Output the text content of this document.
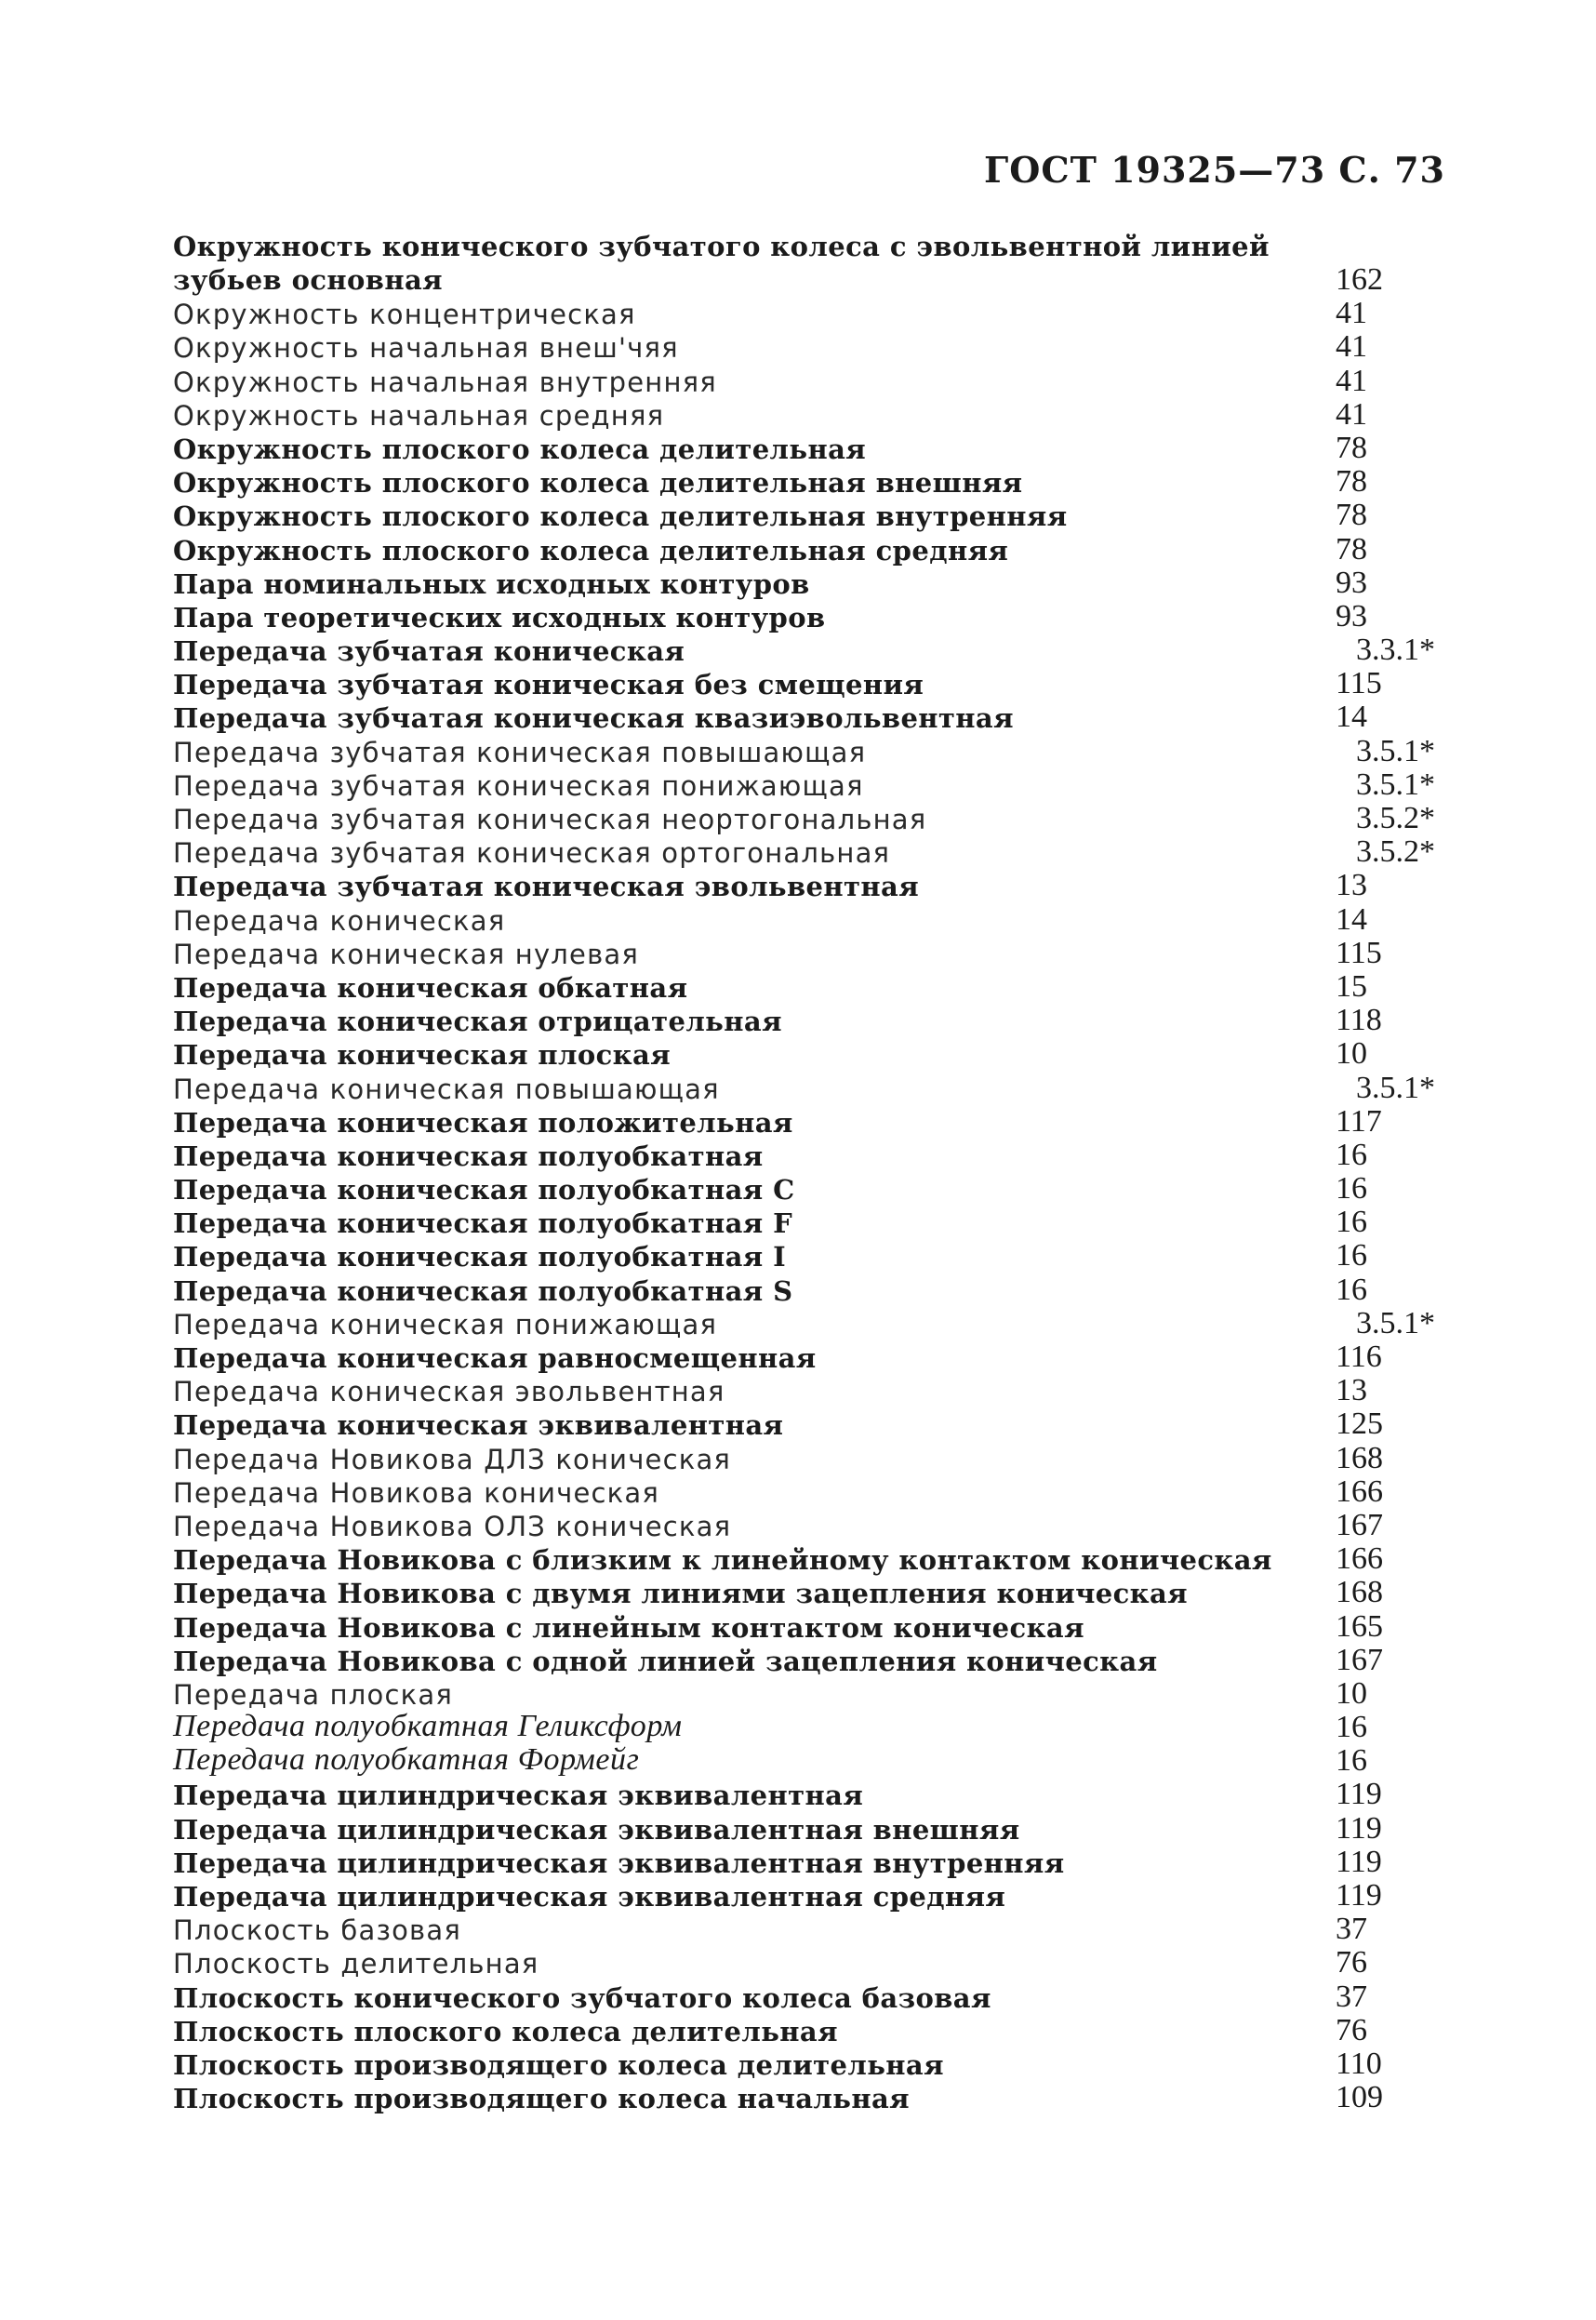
ГОСТ 19325—73 С. 73
Окружность конического зубчатого колеса с эвольвентной линией зубьев основная	162
Окружность концентрическая	41
Окружность начальная внеш'чяя	41
Окружность начальная внутренняя	41
Окружность начальная средняя	41
Окружность плоского колеса делительная	78
Окружность плоского колеса делительная внешняя	78
Окружность плоского колеса делительная внутренняя	78
Окружность плоского колеса делительная средняя	78
Пара номинальных исходных контуров	93
Пара теоретических исходных контуров	93
Передача зубчатая коническая	3.3.1*
Передача зубчатая коническая без смещения	115
Передача зубчатая коническая квазиэвольвентная	14
Передача зубчатая коническая повышающая	3.5.1*
Передача зубчатая коническая понижающая	3.5.1*
Передача зубчатая коническая неортогональная	3.5.2*
Передача зубчатая коническая ортогональная	3.5.2*
Передача зубчатая коническая эвольвентная	13
Передача коническая	14
Передача коническая нулевая	115
Передача коническая обкатная	15
Передача коническая отрицательная	118
Передача коническая плоская	10
Передача коническая повышающая	3.5.1*
Передача коническая положительная	117
Передача коническая полуобкатная	16
Передача коническая полуобкатная С	16
Передача коническая полуобкатная F	16
Передача коническая полуобкатная I	16
Передача коническая полуобкатная S	16
Передача коническая понижающая	3.5.1*
Передача коническая равносмещенная	116
Передача коническая эвольвентная	13
Передача коническая эквивалентная	125
Передача Новикова ДЛЗ коническая	168
Передача Новикова коническая	166
Передача Новикова ОЛЗ коническая	167
Передача Новикова с близким к линейному контактом коническая 166
Передача Новикова с двумя линиями зацепления коническая	168
Передача Новикова с линейным контактом коническая	165
Передача Новикова с одной линией зацепления коническая	167
Передача плоская	10
Передача полуобкатная Геликсформ	16
Передача полуобкатная Формейг	16
Передача цилиндрическая эквивалентная	119
Передача цилиндрическая эквивалентная внешняя	119
Передача цилиндрическая эквивалентная внутренняя	119
Передача цилиндрическая эквивалентная средняя	119
Плоскость базовая	37
Плоскость делительная	76
Плоскость конического зубчатого колеса базовая	37
Плоскость плоского колеса делительная	76
Плоскость производящего колеса делительная	110
Плоскость производящего колеса начальная	109
